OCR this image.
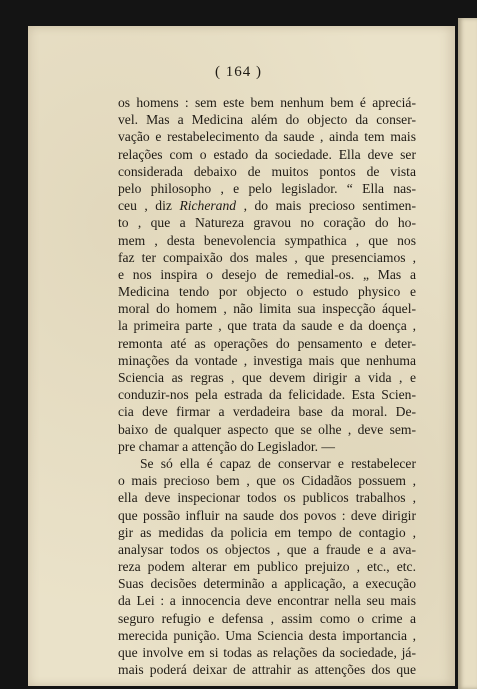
( 164 )
os homens : sem este bem nenhum bem é apreciá-
vel. Mas a Medicina além do objecto da conser-
vação e restabelecimento da saude , ainda tem mais
relações com o estado da sociedade. Ella deve ser
considerada debaixo de muitos pontos de vista
pelo philosopho , e pelo legislador. “ Ella nas-
ceu , diz Richerand , do mais precioso sentimen-
to , que a Natureza gravou no coração do ho-
mem , desta benevolencia sympathica , que nos
faz ter compaixão dos males , que presenciamos ,
e nos inspira o desejo de remedial-os. „ Mas a
Medicina tendo por objecto o estudo physico e
moral do homem , não limita sua inspecção áquel-
la primeira parte , que trata da saude e da doença ,
remonta até as operações do pensamento e deter-
minações da vontade , investiga mais que nenhuma
Sciencia as regras , que devem dirigir a vida , e
conduzir-nos pela estrada da felicidade. Esta Scien-
cia deve firmar a verdadeira base da moral. De-
baixo de qualquer aspecto que se olhe , deve sem-
pre chamar a attenção do Legislador. —
Se só ella é capaz de conservar e restabelecer
o mais precioso bem , que os Cidadãos possuem ,
ella deve inspecionar todos os publicos trabalhos ,
que possão influir na saude dos povos : deve dirigir
gir as medidas da policia em tempo de contagio ,
analysar todos os objectos , que a fraude e a ava-
reza podem alterar em publico prejuizo , etc., etc.
Suas decisões determinão a applicação, a execução
da Lei : a innocencia deve encontrar nella seu mais
seguro refugio e defensa , assim como o crime a
merecida punição. Uma Sciencia desta importancia ,
que involve em si todas as relações da sociedade, já-
mais poderá deixar de attrahir as attenções dos que
